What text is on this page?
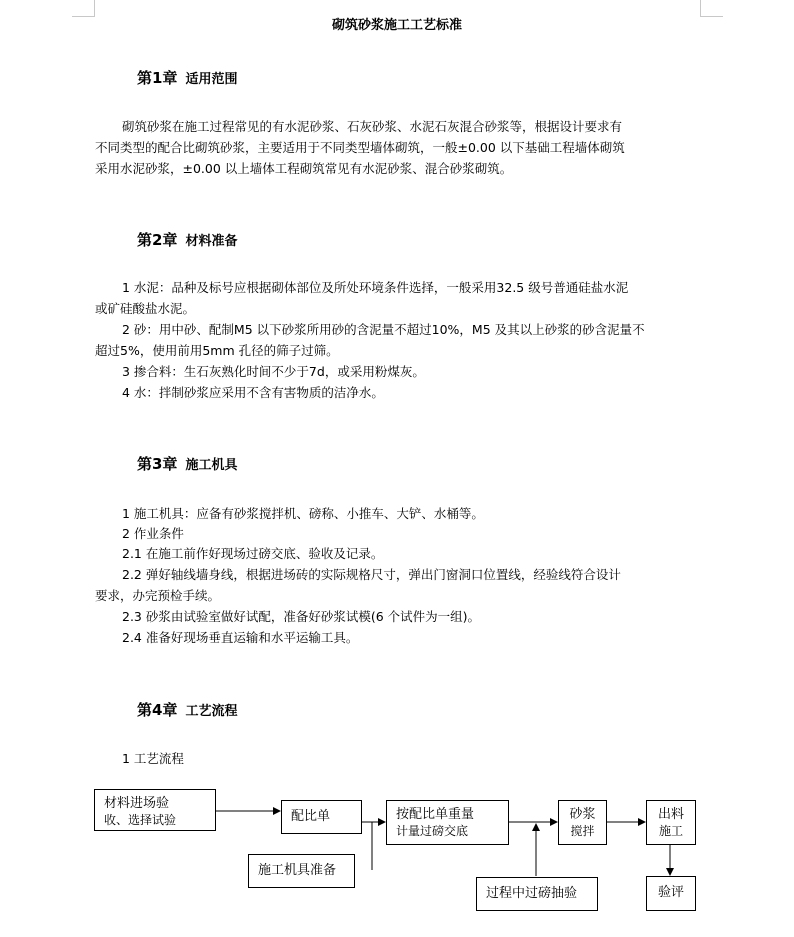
砌筑砂浆施工工艺标准
第1章 适用范围
砌筑砂浆在施工过程常见的有水泥砂浆、石灰砂浆、水泥石灰混合砂浆等，根据设计要求有
不同类型的配合比砌筑砂浆，主要适用于不同类型墙体砌筑，一般±0.00 以下基础工程墙体砌筑
采用水泥砂浆，±0.00 以上墙体工程砌筑常见有水泥砂浆、混合砂浆砌筑。
第2章 材料准备
1 水泥：品种及标号应根据砌体部位及所处环境条件选择，一般采用32.5 级号普通硅盐水泥
或矿硅酸盐水泥。
2 砂：用中砂、配制M5 以下砂浆所用砂的含泥量不超过10%，M5 及其以上砂浆的砂含泥量不
超过5%，使用前用5mm 孔径的筛子过筛。
3 掺合料：生石灰熟化时间不少于7d，或采用粉煤灰。
4 水：拌制砂浆应采用不含有害物质的洁净水。
第3章 施工机具
1 施工机具：应备有砂浆搅拌机、磅称、小推车、大铲、水桶等。
2 作业条件
2.1 在施工前作好现场过磅交底、验收及记录。
2.2 弹好轴线墙身线，根据进场砖的实际规格尺寸，弹出门窗洞口位置线，经验线符合设计
要求，办完预检手续。
2.3 砂浆由试验室做好试配，准备好砂浆试模(6 个试件为一组)。
2.4 准备好现场垂直运输和水平运输工具。
第4章 工艺流程
1 工艺流程
材料进场验
收、选择试验	配比单
施工机具准备
按配比单重量
计量过磅交底
砂浆
搅拌
出料
施工
过程中过磅抽验	验评
